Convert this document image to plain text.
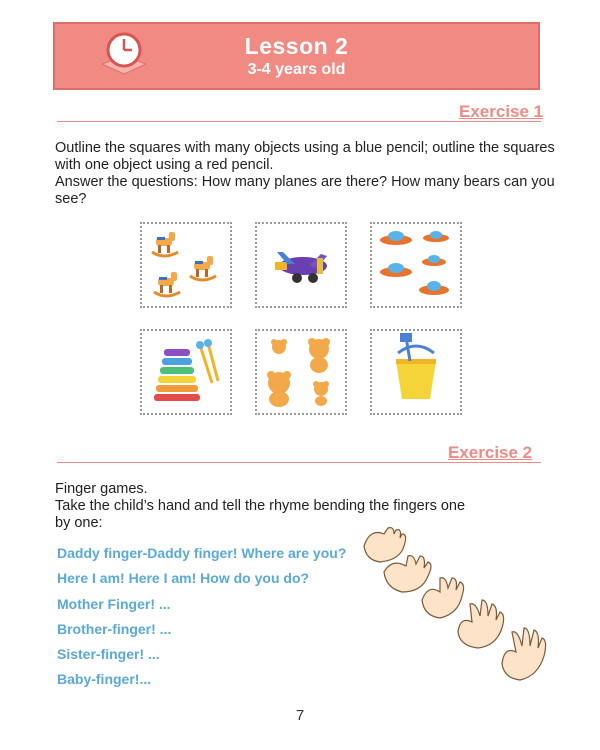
Lesson 2
3-4 years old
Exercise 1
Outline the squares with many objects using a blue pencil; outline the squares
with one object using a red pencil.
Answer the questions: How many planes are there? How many bears can you
see?
Exercise 2
Finger games.
Take the child’s hand and tell the rhyme bending the fingers one
by one:
Daddy finger-Daddy finger! Where are you?
Here I am! Here I am! How do you do?
Mother Finger! ...
Brother-finger! ...
Sister-finger! ...
Baby-finger!...
7
